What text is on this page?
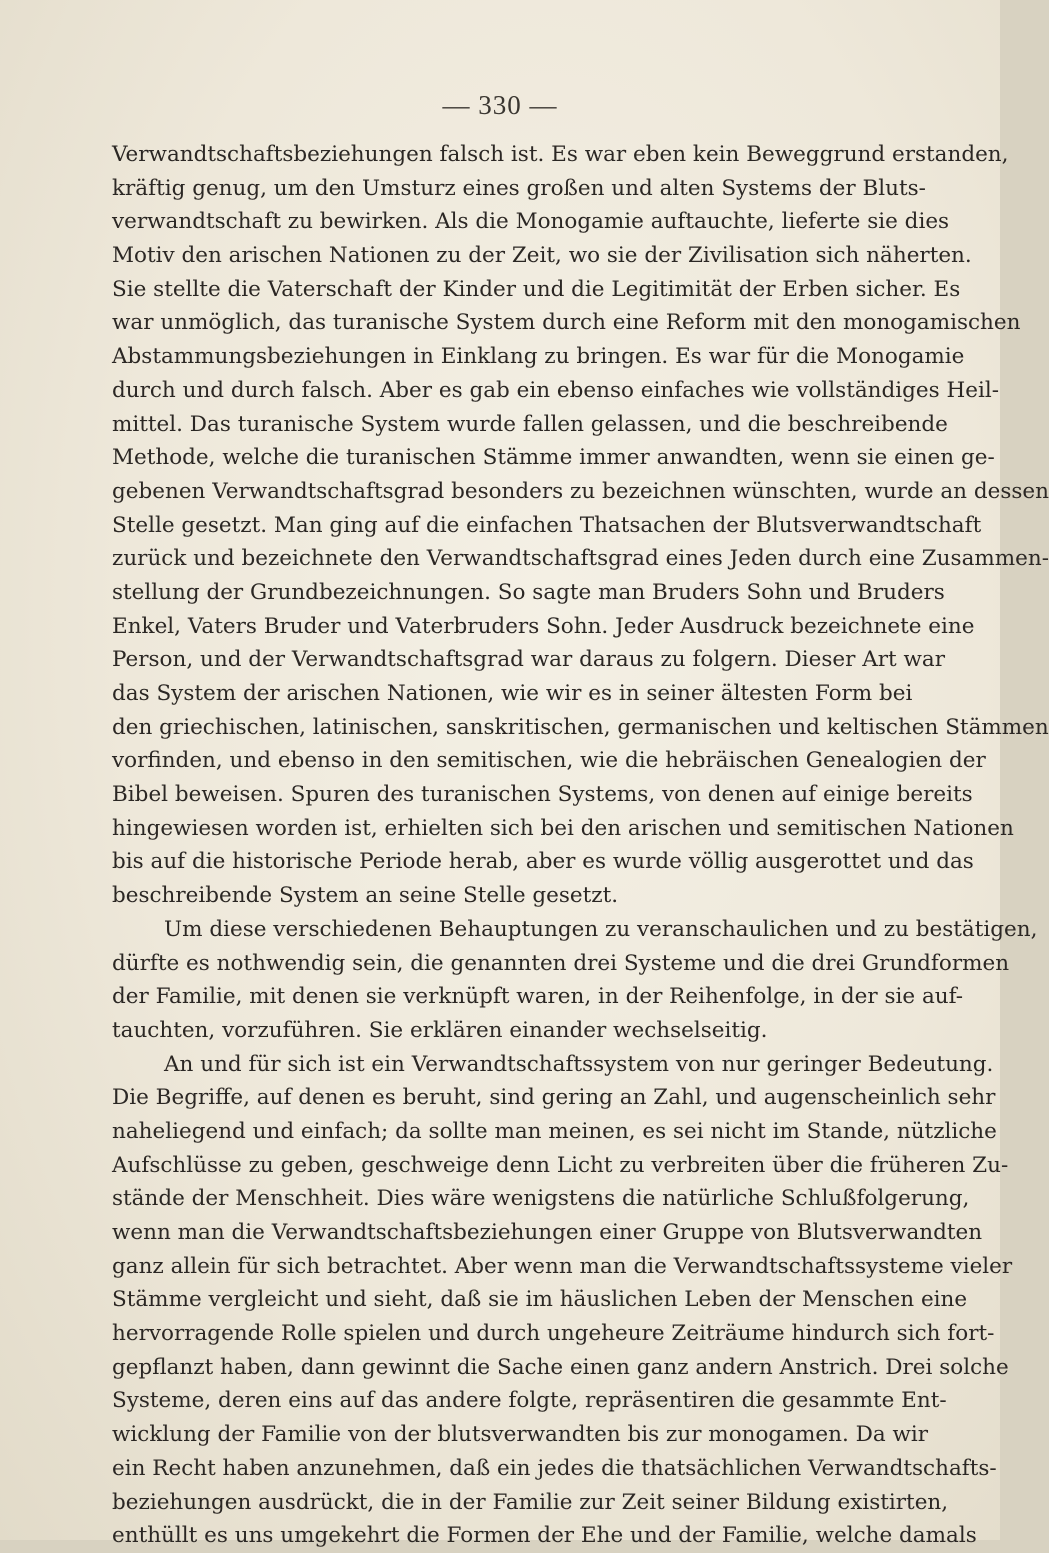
— 330 —
Verwandtschaftsbeziehungen falsch ist. Es war eben kein Beweggrund erstanden,
kräftig genug, um den Umsturz eines großen und alten Systems der Bluts-
verwandtschaft zu bewirken. Als die Monogamie auftauchte, lieferte sie dies
Motiv den arischen Nationen zu der Zeit, wo sie der Zivilisation sich näherten.
Sie stellte die Vaterschaft der Kinder und die Legitimität der Erben sicher. Es
war unmöglich, das turanische System durch eine Reform mit den monogamischen
Abstammungsbeziehungen in Einklang zu bringen. Es war für die Monogamie
durch und durch falsch. Aber es gab ein ebenso einfaches wie vollständiges Heil-
mittel. Das turanische System wurde fallen gelassen, und die beschreibende
Methode, welche die turanischen Stämme immer anwandten, wenn sie einen ge-
gebenen Verwandtschaftsgrad besonders zu bezeichnen wünschten, wurde an dessen
Stelle gesetzt. Man ging auf die einfachen Thatsachen der Blutsverwandtschaft
zurück und bezeichnete den Verwandtschaftsgrad eines Jeden durch eine Zusammen-
stellung der Grundbezeichnungen. So sagte man Bruders Sohn und Bruders
Enkel, Vaters Bruder und Vaterbruders Sohn. Jeder Ausdruck bezeichnete eine
Person, und der Verwandtschaftsgrad war daraus zu folgern. Dieser Art war
das System der arischen Nationen, wie wir es in seiner ältesten Form bei
den griechischen, latinischen, sanskritischen, germanischen und keltischen Stämmen
vorfinden, und ebenso in den semitischen, wie die hebräischen Genealogien der
Bibel beweisen. Spuren des turanischen Systems, von denen auf einige bereits
hingewiesen worden ist, erhielten sich bei den arischen und semitischen Nationen
bis auf die historische Periode herab, aber es wurde völlig ausgerottet und das
beschreibende System an seine Stelle gesetzt.
Um diese verschiedenen Behauptungen zu veranschaulichen und zu bestätigen,
dürfte es nothwendig sein, die genannten drei Systeme und die drei Grundformen
der Familie, mit denen sie verknüpft waren, in der Reihenfolge, in der sie auf-
tauchten, vorzuführen. Sie erklären einander wechselseitig.
An und für sich ist ein Verwandtschaftssystem von nur geringer Bedeutung.
Die Begriffe, auf denen es beruht, sind gering an Zahl, und augenscheinlich sehr
naheliegend und einfach; da sollte man meinen, es sei nicht im Stande, nützliche
Aufschlüsse zu geben, geschweige denn Licht zu verbreiten über die früheren Zu-
stände der Menschheit. Dies wäre wenigstens die natürliche Schlußfolgerung,
wenn man die Verwandtschaftsbeziehungen einer Gruppe von Blutsverwandten
ganz allein für sich betrachtet. Aber wenn man die Verwandtschaftssysteme vieler
Stämme vergleicht und sieht, daß sie im häuslichen Leben der Menschen eine
hervorragende Rolle spielen und durch ungeheure Zeiträume hindurch sich fort-
gepflanzt haben, dann gewinnt die Sache einen ganz andern Anstrich. Drei solche
Systeme, deren eins auf das andere folgte, repräsentiren die gesammte Ent-
wicklung der Familie von der blutsverwandten bis zur monogamen. Da wir
ein Recht haben anzunehmen, daß ein jedes die thatsächlichen Verwandtschafts-
beziehungen ausdrückt, die in der Familie zur Zeit seiner Bildung existirten,
enthüllt es uns umgekehrt die Formen der Ehe und der Familie, welche damals
